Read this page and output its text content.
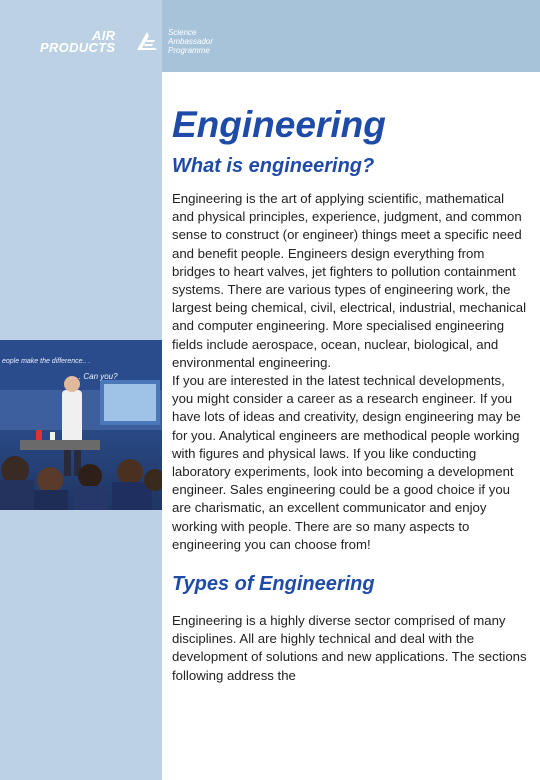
AIR
PRODUCTS
Science
Ambassador
Programme
eople make the difference.. .
. . . Can you?
Engineering
What is engineering?

Engineering is the art of applying scientific, mathematical and physical principles, experience, judgment, and common sense to construct (or engineer) things meet a specific need and benefit people. Engineers design everything from bridges to heart valves, jet fighters to pollution containment systems. There are various types of engineering work, the largest being chemical, civil, electrical, industrial, mechanical and computer engineering. More specialised engineering fields include aerospace, ocean, nuclear, biological, and environmental engineering.

If you are interested in the latest technical developments, you might consider a career as a research engineer. If you have lots of ideas and creativity, design engineering may be for you. Analytical engineers are methodical people working with figures and physical laws. If you like conducting laboratory experiments, look into becoming a development engineer. Sales engineering could be a good choice if you are charismatic, an excellent communicator and enjoy working with people. There are so many aspects to engineering you can choose from!

Types of Engineering

Engineering is a highly diverse sector comprised of many disciplines. All are highly technical and deal with the development of solutions and new applications. The sections following address the
